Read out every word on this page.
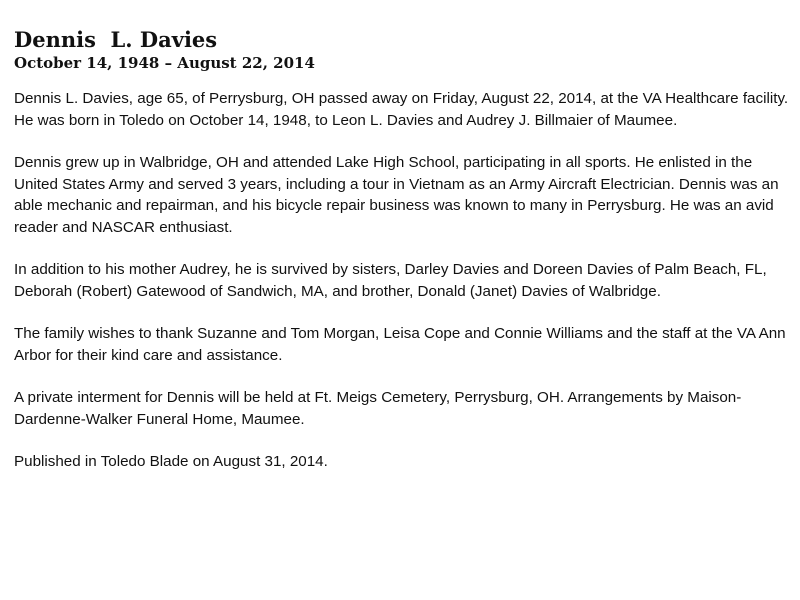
Dennis  L. Davies
October 14, 1948 – August 22, 2014

Dennis L. Davies, age 65, of Perrysburg, OH passed away on Friday, August 22, 2014, at the VA Healthcare facility. He was born in Toledo on October 14, 1948, to Leon L. Davies and Audrey J. Billmaier of Maumee.

Dennis grew up in Walbridge, OH and attended Lake High School, participating in all sports. He enlisted in the United States Army and served 3 years, including a tour in Vietnam as an Army Aircraft Electrician. Dennis was an able mechanic and repairman, and his bicycle repair business was known to many in Perrysburg. He was an avid reader and NASCAR enthusiast.

In addition to his mother Audrey, he is survived by sisters, Darley Davies and Doreen Davies of Palm Beach, FL, Deborah (Robert) Gatewood of Sandwich, MA, and brother, Donald (Janet) Davies of Walbridge.

The family wishes to thank Suzanne and Tom Morgan, Leisa Cope and Connie Williams and the staff at the VA Ann Arbor for their kind care and assistance.

A private interment for Dennis will be held at Ft. Meigs Cemetery, Perrysburg, OH. Arrangements by Maison-Dardenne-Walker Funeral Home, Maumee.

Published in Toledo Blade on August 31, 2014.
